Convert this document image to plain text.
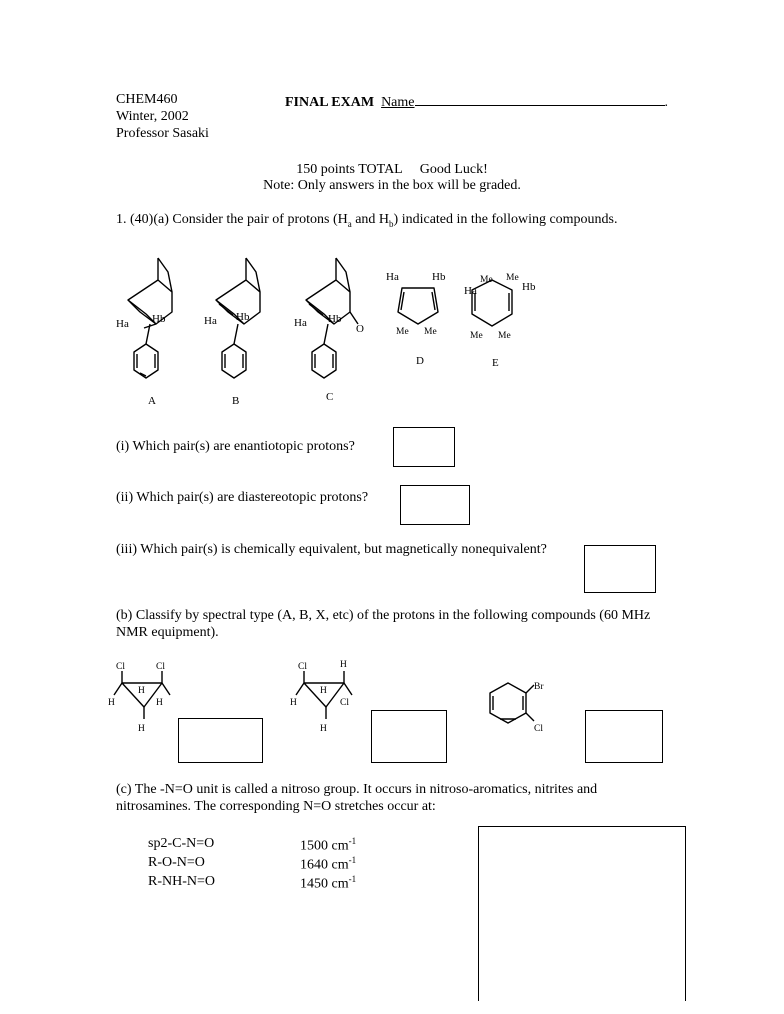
CHEM460
Winter, 2002
Professor Sasaki
FINAL EXAM Name	.
150 points TOTAL     Good Luck!
Note: Only answers in the box will be graded.
1. (40)(a) Consider the pair of protons ($H_a$ and $H_b$) indicated in the following compounds.
Ha Hb	Ha Hb	Ha Hb
O
Ha	Hb
Me Me
Me Me
Ha	Hb
Me Me
D	E
A	B	C
(i) Which pair(s) are enantiotopic protons?
(ii) Which pair(s) are diastereotopic protons?
(iii) Which pair(s) is chemically equivalent, but magnetically nonequivalent?
(b) Classify by spectral type (A, B, X, etc) of the protons in the following compounds (60 MHz
NMR equipment).
Cl	Cl
H
H	H
H
Cl	H
H
H	Cl
H
Br
Cl
(c) The -N=O unit is called a nitroso group. It occurs in nitroso-aromatics, nitrites and
nitrosamines. The corresponding N=O stretches occur at:
sp2-C-N=O	1500 $cm^{-1}$
R-O-N=O	1640 $cm^{-1}$
R-NH-N=O	1450 $cm^{-1}$
